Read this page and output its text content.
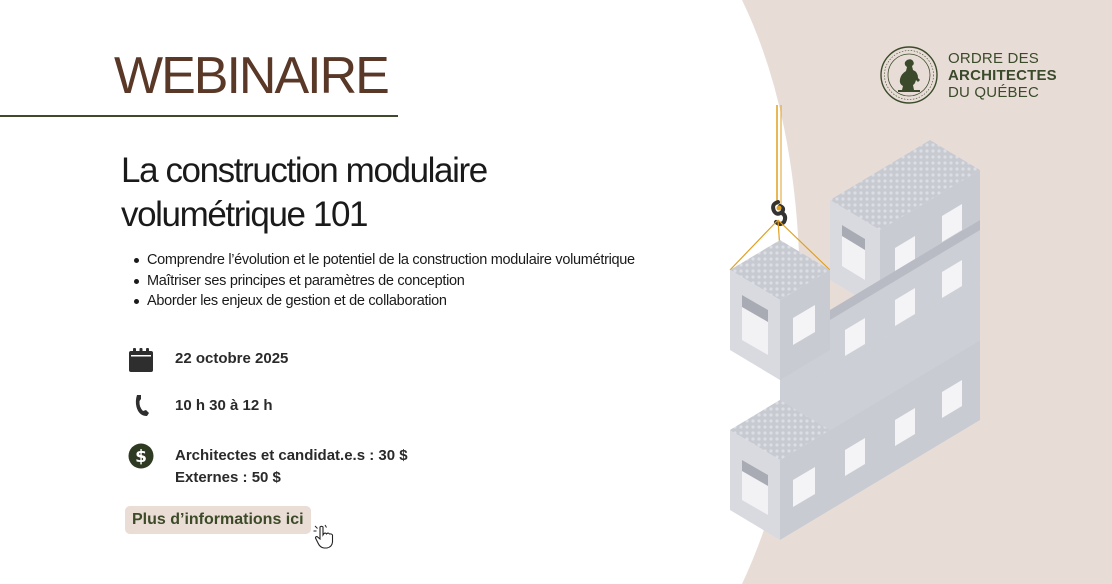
WEBINAIRE
La construction modulaire
volumétrique 101
Comprendre l’évolution et le potentiel de la construction modulaire volumétrique
Maîtriser ses principes et paramètres de conception
Aborder les enjeux de gestion et de collaboration
22 octobre 2025
10 h 30 à 12 h
$ Architectes et candidat.e.s : 30 $
Externes : 50 $
Plus d’informations ici
ORDRE DES
ARCHITECTES
DU QUÉBEC
